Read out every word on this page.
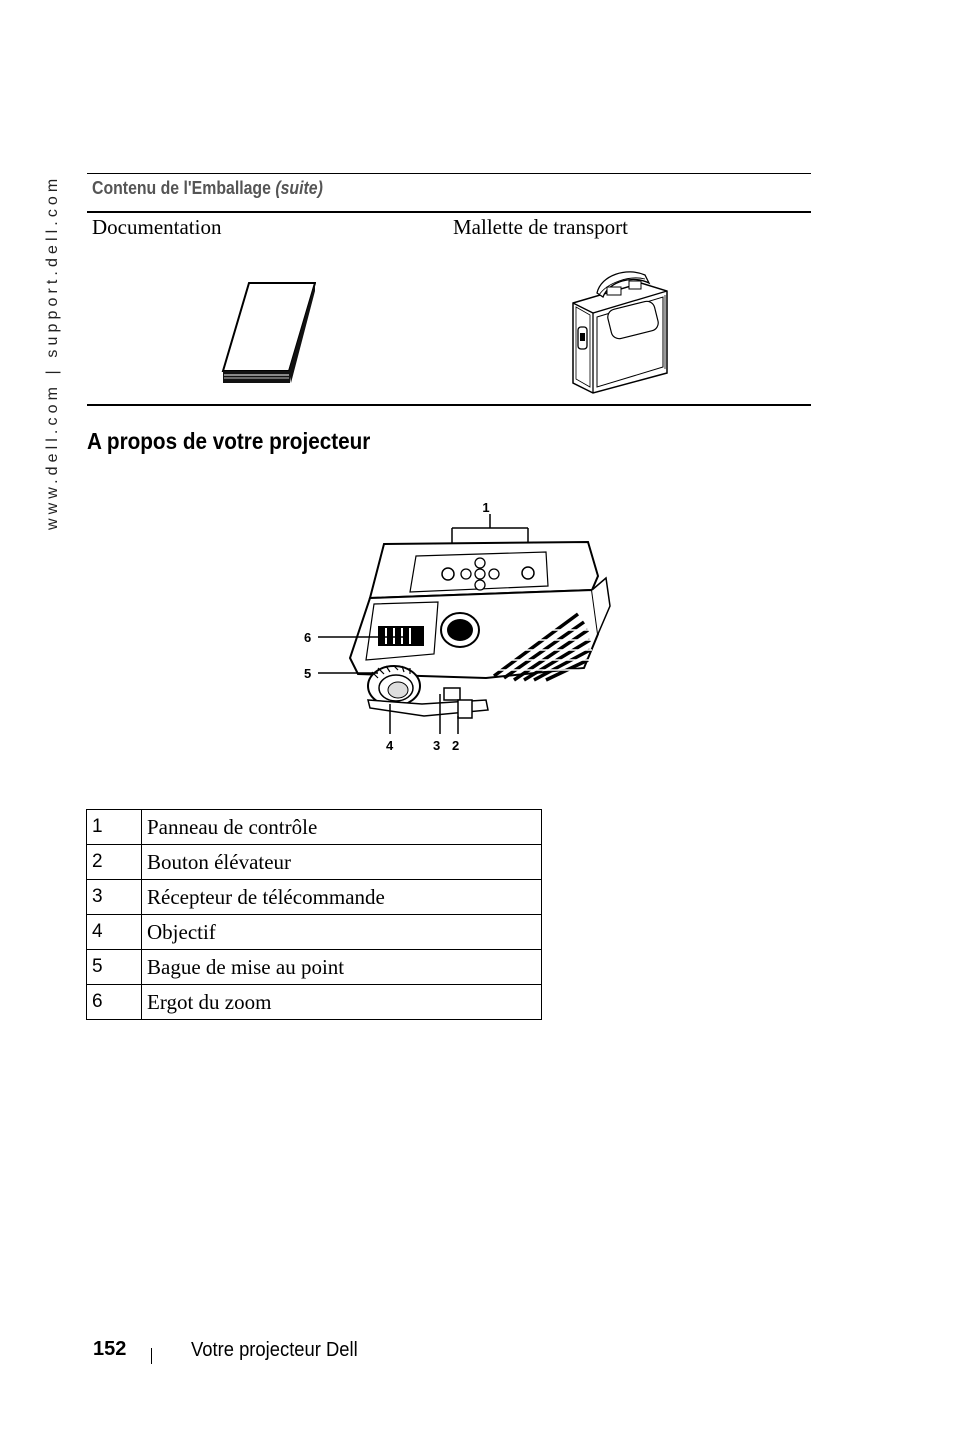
www.dell.com | support.dell.com Contenu de l'Emballage (suite)
Documentation	Mallette de transport
A propos de votre projecteur
1
6
5
4	3 2
1	Panneau de contrôle
2	Bouton élévateur
3	Récepteur de télécommande
4	Objectif
5	Bague de mise au point
6	Ergot du zoom
152	Votre projecteur Dell
